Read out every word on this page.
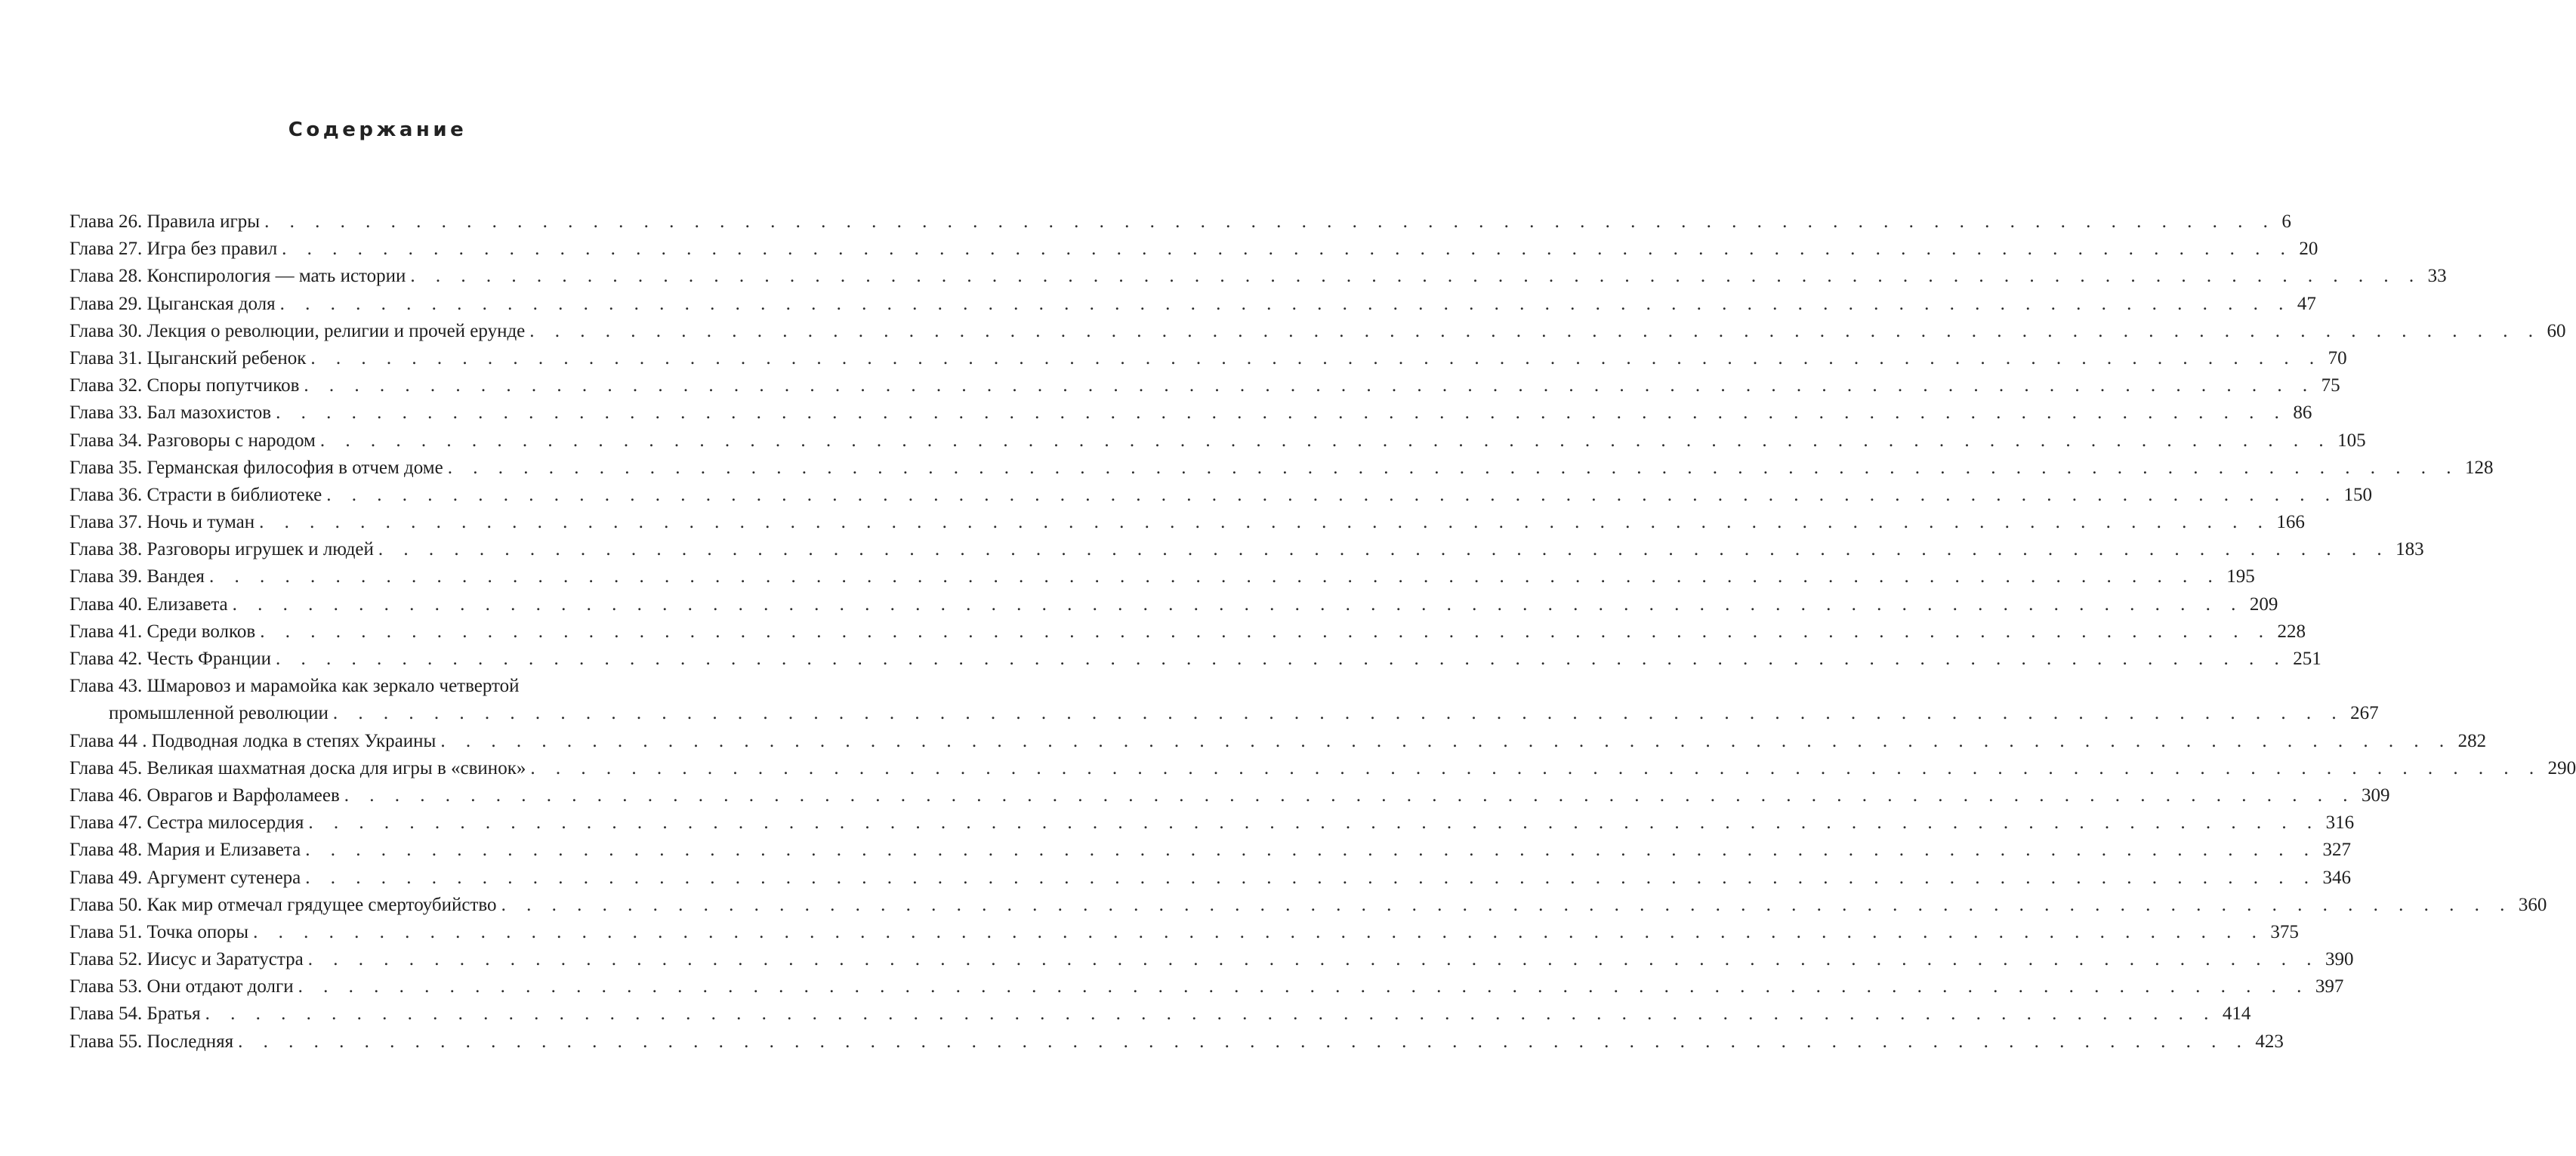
Содержание
Глава 26. Правила игры . . . . . . . . . . . . . . . . . . . . . . . . . . . . . . . . . . . . . . . . . . . . . . . . . . . . . . . . . . . . . . . . . . . . . . . . . . . . . . . . 6
Глава 27. Игра без правил . . . . . . . . . . . . . . . . . . . . . . . . . . . . . . . . . . . . . . . . . . . . . . . . . . . . . . . . . . . . . . . . . . . . . . . . . . . . . . . . 20
Глава 28. Конспирология — мать истории . . . . . . . . . . . . . . . . . . . . . . . . . . . . . . . . . . . . . . . . . . . . . . . . . . . . . . . . . . . . . . . . . . . . . . . . . . . . . . . . 33
Глава 29. Цыганская доля . . . . . . . . . . . . . . . . . . . . . . . . . . . . . . . . . . . . . . . . . . . . . . . . . . . . . . . . . . . . . . . . . . . . . . . . . . . . . . . . 47
Глава 30. Лекция о революции, религии и прочей ерунде . . . . . . . . . . . . . . . . . . . . . . . . . . . . . . . . . . . . . . . . . . . . . . . . . . . . . . . . . . . . . . . . . . . . . . . . . . . . . . . . 60
Глава 31. Цыганский ребенок . . . . . . . . . . . . . . . . . . . . . . . . . . . . . . . . . . . . . . . . . . . . . . . . . . . . . . . . . . . . . . . . . . . . . . . . . . . . . . . . 70
Глава 32. Споры попутчиков . . . . . . . . . . . . . . . . . . . . . . . . . . . . . . . . . . . . . . . . . . . . . . . . . . . . . . . . . . . . . . . . . . . . . . . . . . . . . . . . 75
Глава 33. Бал мазохистов . . . . . . . . . . . . . . . . . . . . . . . . . . . . . . . . . . . . . . . . . . . . . . . . . . . . . . . . . . . . . . . . . . . . . . . . . . . . . . . . 86
Глава 34. Разговоры с народом . . . . . . . . . . . . . . . . . . . . . . . . . . . . . . . . . . . . . . . . . . . . . . . . . . . . . . . . . . . . . . . . . . . . . . . . . . . . . . . . 105
Глава 35. Германская философия в отчем доме . . . . . . . . . . . . . . . . . . . . . . . . . . . . . . . . . . . . . . . . . . . . . . . . . . . . . . . . . . . . . . . . . . . . . . . . . . . . . . . . 128
Глава 36. Страсти в библиотеке . . . . . . . . . . . . . . . . . . . . . . . . . . . . . . . . . . . . . . . . . . . . . . . . . . . . . . . . . . . . . . . . . . . . . . . . . . . . . . . . 150
Глава 37. Ночь и туман . . . . . . . . . . . . . . . . . . . . . . . . . . . . . . . . . . . . . . . . . . . . . . . . . . . . . . . . . . . . . . . . . . . . . . . . . . . . . . . . 166
Глава 38. Разговоры игрушек и людей . . . . . . . . . . . . . . . . . . . . . . . . . . . . . . . . . . . . . . . . . . . . . . . . . . . . . . . . . . . . . . . . . . . . . . . . . . . . . . . . 183
Глава 39. Вандея . . . . . . . . . . . . . . . . . . . . . . . . . . . . . . . . . . . . . . . . . . . . . . . . . . . . . . . . . . . . . . . . . . . . . . . . . . . . . . . . 195
Глава 40. Елизавета . . . . . . . . . . . . . . . . . . . . . . . . . . . . . . . . . . . . . . . . . . . . . . . . . . . . . . . . . . . . . . . . . . . . . . . . . . . . . . . . 209
Глава 41. Среди волков . . . . . . . . . . . . . . . . . . . . . . . . . . . . . . . . . . . . . . . . . . . . . . . . . . . . . . . . . . . . . . . . . . . . . . . . . . . . . . . . 228
Глава 42. Честь Франции . . . . . . . . . . . . . . . . . . . . . . . . . . . . . . . . . . . . . . . . . . . . . . . . . . . . . . . . . . . . . . . . . . . . . . . . . . . . . . . . 251
Глава 43. Шмаровоз и марамойка как зеркало четвертой
промышленной революции . . . . . . . . . . . . . . . . . . . . . . . . . . . . . . . . . . . . . . . . . . . . . . . . . . . . . . . . . . . . . . . . . . . . . . . . . . . . . . . . 267
Глава 44 . Подводная лодка в степях Украины . . . . . . . . . . . . . . . . . . . . . . . . . . . . . . . . . . . . . . . . . . . . . . . . . . . . . . . . . . . . . . . . . . . . . . . . . . . . . . . . 282
Глава 45. Великая шахматная доска для игры в «свинок» . . . . . . . . . . . . . . . . . . . . . . . . . . . . . . . . . . . . . . . . . . . . . . . . . . . . . . . . . . . . . . . . . . . . . . . . . . . . . . . . 290
Глава 46. Оврагов и Варфоламеев . . . . . . . . . . . . . . . . . . . . . . . . . . . . . . . . . . . . . . . . . . . . . . . . . . . . . . . . . . . . . . . . . . . . . . . . . . . . . . . . 309
Глава 47. Сестра милосердия . . . . . . . . . . . . . . . . . . . . . . . . . . . . . . . . . . . . . . . . . . . . . . . . . . . . . . . . . . . . . . . . . . . . . . . . . . . . . . . . 316
Глава 48. Мария и Елизавета . . . . . . . . . . . . . . . . . . . . . . . . . . . . . . . . . . . . . . . . . . . . . . . . . . . . . . . . . . . . . . . . . . . . . . . . . . . . . . . . 327
Глава 49. Аргумент сутенера . . . . . . . . . . . . . . . . . . . . . . . . . . . . . . . . . . . . . . . . . . . . . . . . . . . . . . . . . . . . . . . . . . . . . . . . . . . . . . . . 346
Глава 50. Как мир отмечал грядущее смертоубийство . . . . . . . . . . . . . . . . . . . . . . . . . . . . . . . . . . . . . . . . . . . . . . . . . . . . . . . . . . . . . . . . . . . . . . . . . . . . . . . . 360
Глава 51. Точка опоры . . . . . . . . . . . . . . . . . . . . . . . . . . . . . . . . . . . . . . . . . . . . . . . . . . . . . . . . . . . . . . . . . . . . . . . . . . . . . . . . 375
Глава 52. Иисус и Заратустра . . . . . . . . . . . . . . . . . . . . . . . . . . . . . . . . . . . . . . . . . . . . . . . . . . . . . . . . . . . . . . . . . . . . . . . . . . . . . . . . 390
Глава 53. Они отдают долги . . . . . . . . . . . . . . . . . . . . . . . . . . . . . . . . . . . . . . . . . . . . . . . . . . . . . . . . . . . . . . . . . . . . . . . . . . . . . . . . 397
Глава 54. Братья . . . . . . . . . . . . . . . . . . . . . . . . . . . . . . . . . . . . . . . . . . . . . . . . . . . . . . . . . . . . . . . . . . . . . . . . . . . . . . . . 414
Глава 55. Последняя . . . . . . . . . . . . . . . . . . . . . . . . . . . . . . . . . . . . . . . . . . . . . . . . . . . . . . . . . . . . . . . . . . . . . . . . . . . . . . . . 423
